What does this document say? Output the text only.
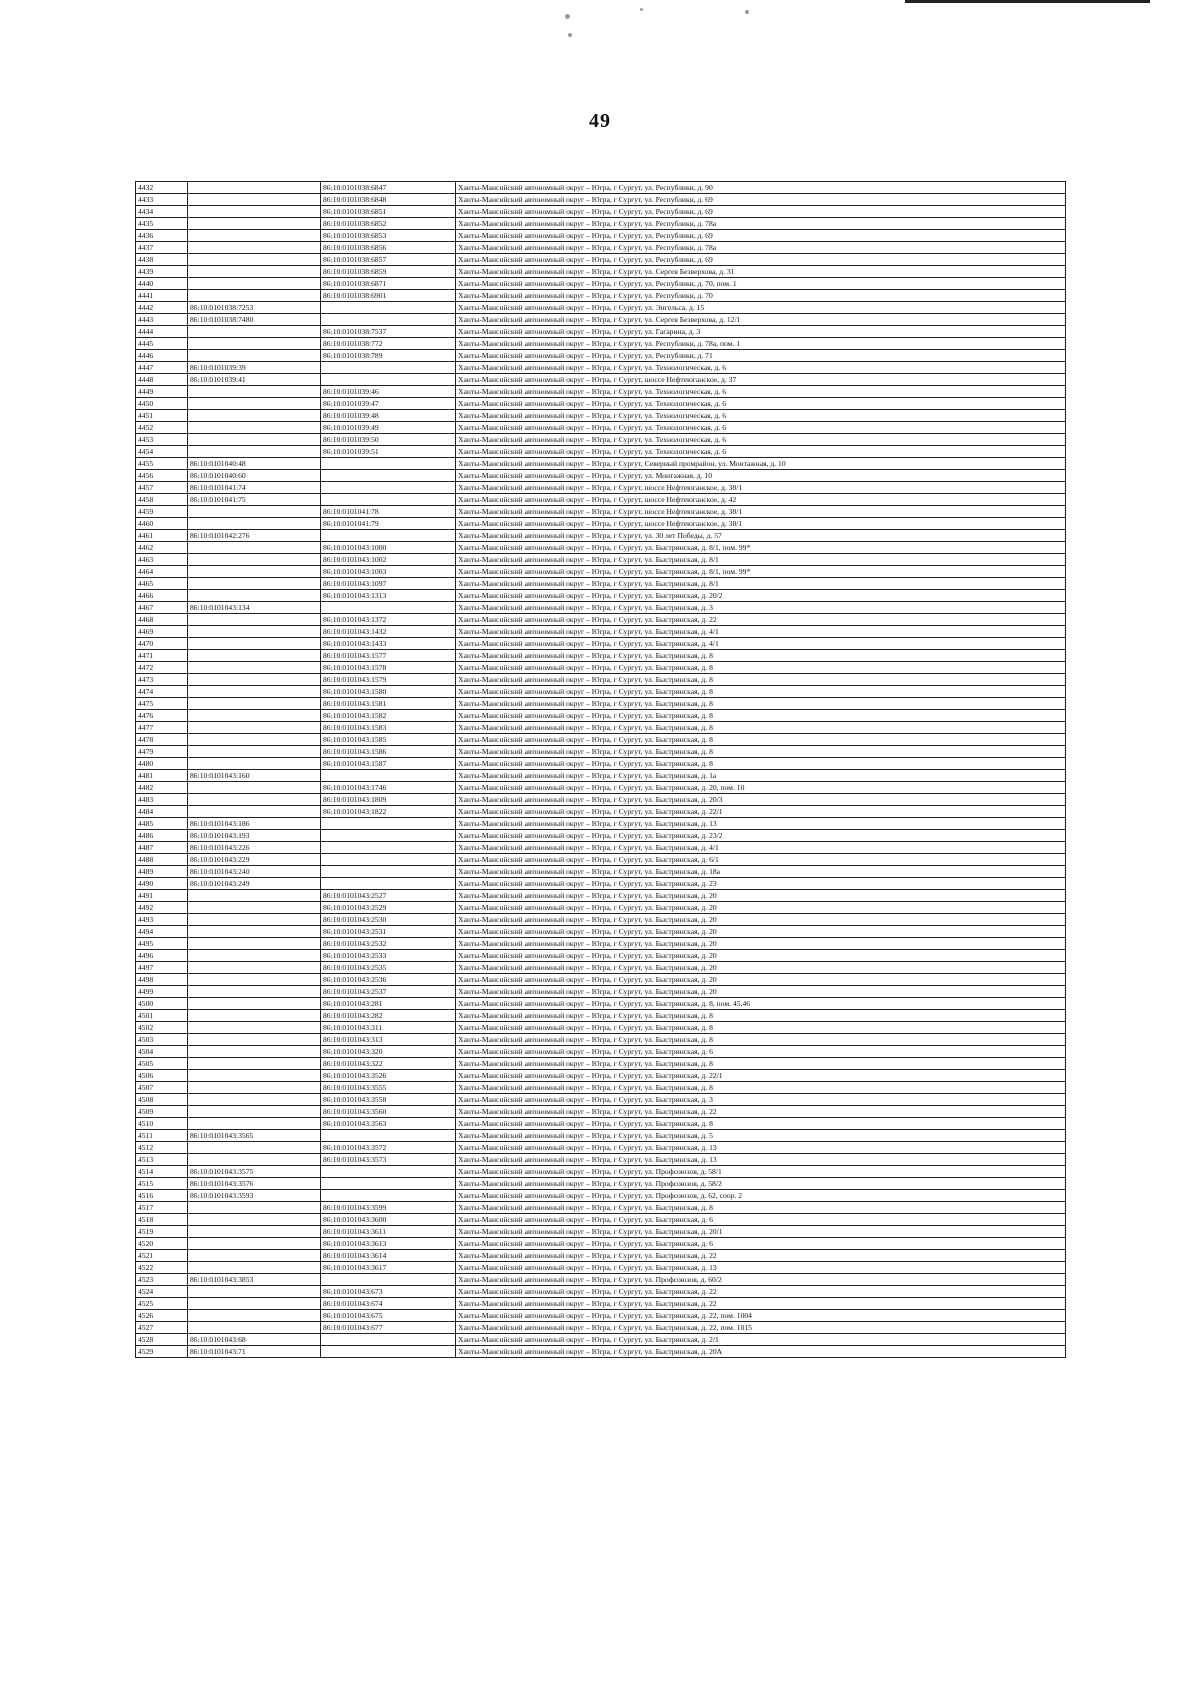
49
4432		86:10:0101038:6847	Ханты-Мансийский автономный округ – Югра, г Сургут, ул. Республики, д. 90
4433		86:10:0101038:6848	Ханты-Мансийский автономный округ – Югра, г Сургут, ул. Республики, д. 69
4434		86:10:0101038:6851	Ханты-Мансийский автономный округ – Югра, г Сургут, ул. Республики, д. 69
4435		86:10:0101038:6852	Ханты-Мансийский автономный округ – Югра, г Сургут, ул. Республики, д. 78а
4436		86:10:0101038:6853	Ханты-Мансийский автономный округ – Югра, г Сургут, ул. Республики, д. 69
4437		86:10:0101038:6856	Ханты-Мансийский автономный округ – Югра, г Сургут, ул. Республики, д. 78а
4438		86:10:0101038:6857	Ханты-Мансийский автономный округ – Югра, г Сургут, ул. Республики, д. 69
4439		86:10:0101038:6859	Ханты-Мансийский автономный округ – Югра, г Сургут, ул. Сергея Безверхова, д. 31
4440		86:10:0101038:6871	Ханты-Мансийский автономный округ – Югра, г Сургут, ул. Республики, д. 70, пом. 1
4441		86:10:0101038:6901	Ханты-Мансийский автономный округ – Югра, г Сургут, ул. Республики, д. 70
4442	86:10:0101038:7253		Ханты-Мансийский автономный округ – Югра, г Сургут, ул. Энгельса, д. 15
4443	86:10:0101038:7480		Ханты-Мансийский автономный округ – Югра, г Сургут, ул. Сергея Безверхова, д. 12/1
4444		86:10:0101038:7537	Ханты-Мансийский автономный округ – Югра, г Сургут, ул. Гагарина, д. 3
4445		86:10:0101038:772	Ханты-Мансийский автономный округ – Югра, г Сургут, ул. Республики, д. 78а, пом. 1
4446		86:10:0101038:789	Ханты-Мансийский автономный округ – Югра, г Сургут, ул. Республики, д. 71
4447	86:10:0101039:39		Ханты-Мансийский автономный округ – Югра, г Сургут, ул. Технологическая, д. 6
4448	86:10:0101039:41		Ханты-Мансийский автономный округ – Югра, г Сургут, шоссе Нефтеюганское, д. 37
4449		86:10:0101039:46	Ханты-Мансийский автономный округ – Югра, г Сургут, ул. Технологическая, д. 6
4450		86:10:0101039:47	Ханты-Мансийский автономный округ – Югра, г Сургут, ул. Технологическая, д. 6
4451		86:10:0101039:48	Ханты-Мансийский автономный округ – Югра, г Сургут, ул. Технологическая, д. 6
4452		86:10:0101039:49	Ханты-Мансийский автономный округ – Югра, г Сургут, ул. Технологическая, д. 6
4453		86:10:0101039:50	Ханты-Мансийский автономный округ – Югра, г Сургут, ул. Технологическая, д. 6
4454		86:10:0101039:51	Ханты-Мансийский автономный округ – Югра, г Сургут, ул. Технологическая, д. 6
4455	86:10:0101040:48		Ханты-Мансийский автономный округ – Югра, г Сургут, Северный промрайон, ул. Монтажная, д. 10
4456	86:10:0101040:60		Ханты-Мансийский автономный округ – Югра, г Сургут, ул. Монтажная, д. 10
4457	86:10:0101041:74		Ханты-Мансийский автономный округ – Югра, г Сургут, шоссе Нефтеюганское, д. 38/1
4458	86:10:0101041:75		Ханты-Мансийский автономный округ – Югра, г Сургут, шоссе Нефтеюганское, д. 42
4459		86:10:0101041:78	Ханты-Мансийский автономный округ – Югра, г Сургут, шоссе Нефтеюганское, д. 38/1
4460		86:10:0101041:79	Ханты-Мансийский автономный округ – Югра, г Сургут, шоссе Нефтеюганское, д. 38/1
4461	86:10:0101042:276		Ханты-Мансийский автономный округ – Югра, г Сургут, ул. 30 лет Победы, д. 57
4462		86:10:0101043:1000	Ханты-Мансийский автономный округ – Югра, г Сургут, ул. Быстринская, д. 8/1, пом. 99*
4463		86:10:0101043:1002	Ханты-Мансийский автономный округ – Югра, г Сургут, ул. Быстринская, д. 8/1
4464		86:10:0101043:1003	Ханты-Мансийский автономный округ – Югра, г Сургут, ул. Быстринская, д. 8/1, пом. 99*
4465		86:10:0101043:1097	Ханты-Мансийский автономный округ – Югра, г Сургут, ул. Быстринская, д. 8/1
4466		86:10:0101043:1313	Ханты-Мансийский автономный округ – Югра, г Сургут, ул. Быстринская, д. 20/2
4467	86:10:0101043:134		Ханты-Мансийский автономный округ – Югра, г Сургут, ул. Быстринская, д. 3
4468		86:10:0101043:1372	Ханты-Мансийский автономный округ – Югра, г Сургут, ул. Быстринская, д. 22
4469		86:10:0101043:1432	Ханты-Мансийский автономный округ – Югра, г Сургут, ул. Быстринская, д. 4/1
4470		86:10:0101043:1433	Ханты-Мансийский автономный округ – Югра, г Сургут, ул. Быстринская, д. 4/1
4471		86:10:0101043:1577	Ханты-Мансийский автономный округ – Югра, г Сургут, ул. Быстринская, д. 8
4472		86:10:0101043:1578	Ханты-Мансийский автономный округ – Югра, г Сургут, ул. Быстринская, д. 8
4473		86:10:0101043:1579	Ханты-Мансийский автономный округ – Югра, г Сургут, ул. Быстринская, д. 8
4474		86:10:0101043:1580	Ханты-Мансийский автономный округ – Югра, г Сургут, ул. Быстринская, д. 8
4475		86:10:0101043:1581	Ханты-Мансийский автономный округ – Югра, г Сургут, ул. Быстринская, д. 8
4476		86:10:0101043:1582	Ханты-Мансийский автономный округ – Югра, г Сургут, ул. Быстринская, д. 8
4477		86:10:0101043:1583	Ханты-Мансийский автономный округ – Югра, г Сургут, ул. Быстринская, д. 8
4478		86:10:0101043:1585	Ханты-Мансийский автономный округ – Югра, г Сургут, ул. Быстринская, д. 8
4479		86:10:0101043:1586	Ханты-Мансийский автономный округ – Югра, г Сургут, ул. Быстринская, д. 8
4480		86:10:0101043:1587	Ханты-Мансийский автономный округ – Югра, г Сургут, ул. Быстринская, д. 8
4481	86:10:0101043:160		Ханты-Мансийский автономный округ – Югра, г Сургут, ул. Быстринская, д. 1а
4482		86:10:0101043:1746	Ханты-Мансийский автономный округ – Югра, г Сургут, ул. Быстринская, д. 20, пом. 10
4483		86:10:0101043:1809	Ханты-Мансийский автономный округ – Югра, г Сургут, ул. Быстринская, д. 20/3
4484		86:10:0101043:1822	Ханты-Мансийский автономный округ – Югра, г Сургут, ул. Быстринская, д. 22/1
4485	86:10:0101043:186		Ханты-Мансийский автономный округ – Югра, г Сургут, ул. Быстринская, д. 13
4486	86:10:0101043:193		Ханты-Мансийский автономный округ – Югра, г Сургут, ул. Быстринская, д. 23/2
4487	86:10:0101043:226		Ханты-Мансийский автономный округ – Югра, г Сургут, ул. Быстринская, д. 4/1
4488	86:10:0101043:229		Ханты-Мансийский автономный округ – Югра, г Сургут, ул. Быстринская, д. 6/1
4489	86:10:0101043:240		Ханты-Мансийский автономный округ – Югра, г Сургут, ул. Быстринская, д. 18а
4490	86:10:0101043:249		Ханты-Мансийский автономный округ – Югра, г Сургут, ул. Быстринская, д. 23
4491		86:10:0101043:2527	Ханты-Мансийский автономный округ – Югра, г Сургут, ул. Быстринская, д. 20
4492		86:10:0101043:2529	Ханты-Мансийский автономный округ – Югра, г Сургут, ул. Быстринская, д. 20
4493		86:10:0101043:2530	Ханты-Мансийский автономный округ – Югра, г Сургут, ул. Быстринская, д. 20
4494		86:10:0101043:2531	Ханты-Мансийский автономный округ – Югра, г Сургут, ул. Быстринская, д. 20
4495		86:10:0101043:2532	Ханты-Мансийский автономный округ – Югра, г Сургут, ул. Быстринская, д. 20
4496		86:10:0101043:2533	Ханты-Мансийский автономный округ – Югра, г Сургут, ул. Быстринская, д. 20
4497		86:10:0101043:2535	Ханты-Мансийский автономный округ – Югра, г Сургут, ул. Быстринская, д. 20
4498		86:10:0101043:2536	Ханты-Мансийский автономный округ – Югра, г Сургут, ул. Быстринская, д. 20
4499		86:10:0101043:2537	Ханты-Мансийский автономный округ – Югра, г Сургут, ул. Быстринская, д. 20
4500		86:10:0101043:281	Ханты-Мансийский автономный округ – Югра, г Сургут, ул. Быстринская, д. 8, пом. 45,46
4501		86:10:0101043:282	Ханты-Мансийский автономный округ – Югра, г Сургут, ул. Быстринская, д. 8
4502		86:10:0101043:311	Ханты-Мансийский автономный округ – Югра, г Сургут, ул. Быстринская, д. 8
4503		86:10:0101043:313	Ханты-Мансийский автономный округ – Югра, г Сургут, ул. Быстринская, д. 8
4504		86:10:0101043:320	Ханты-Мансийский автономный округ – Югра, г Сургут, ул. Быстринская, д. 6
4505		86:10:0101043:322	Ханты-Мансийский автономный округ – Югра, г Сургут, ул. Быстринская, д. 8
4506		86:10:0101043:3526	Ханты-Мансийский автономный округ – Югра, г Сургут, ул. Быстринская, д. 22/1
4507		86:10:0101043:3555	Ханты-Мансийский автономный округ – Югра, г Сургут, ул. Быстринская, д. 8
4508		86:10:0101043:3558	Ханты-Мансийский автономный округ – Югра, г Сургут, ул. Быстринская, д. 3
4509		86:10:0101043:3560	Ханты-Мансийский автономный округ – Югра, г Сургут, ул. Быстринская, д. 22
4510		86:10:0101043:3563	Ханты-Мансийский автономный округ – Югра, г Сургут, ул. Быстринская, д. 8
4511	86:10:0101043:3565		Ханты-Мансийский автономный округ – Югра, г Сургут, ул. Быстринская, д. 5
4512		86:10:0101043:3572	Ханты-Мансийский автономный округ – Югра, г Сургут, ул. Быстринская, д. 13
4513		86:10:0101043:3573	Ханты-Мансийский автономный округ – Югра, г Сургут, ул. Быстринская, д. 13
4514	86:10:0101043:3575		Ханты-Мансийский автономный округ – Югра, г Сургут, ул. Профсоюзов, д. 58/1
4515	86:10:0101043:3576		Ханты-Мансийский автономный округ – Югра, г Сургут, ул. Профсоюзов, д. 58/2
4516	86:10:0101043:3593		Ханты-Мансийский автономный округ – Югра, г Сургут, ул. Профсоюзов, д. 62, соор. 2
4517		86:10:0101043:3599	Ханты-Мансийский автономный округ – Югра, г Сургут, ул. Быстринская, д. 8
4518		86:10:0101043:3600	Ханты-Мансийский автономный округ – Югра, г Сургут, ул. Быстринская, д. 6
4519		86:10:0101043:3611	Ханты-Мансийский автономный округ – Югра, г Сургут, ул. Быстринская, д. 20/1
4520		86:10:0101043:3613	Ханты-Мансийский автономный округ – Югра, г Сургут, ул. Быстринская, д. 6
4521		86:10:0101043:3614	Ханты-Мансийский автономный округ – Югра, г Сургут, ул. Быстринская, д. 22
4522		86:10:0101043:3617	Ханты-Мансийский автономный округ – Югра, г Сургут, ул. Быстринская, д. 13
4523	86:10:0101043:3853		Ханты-Мансийский автономный округ – Югра, г Сургут, ул. Профсоюзов, д. 60/2
4524		86:10:0101043:673	Ханты-Мансийский автономный округ – Югра, г Сургут, ул. Быстринская, д. 22
4525		86:10:0101043:674	Ханты-Мансийский автономный округ – Югра, г Сургут, ул. Быстринская, д. 22
4526		86:10:0101043:675	Ханты-Мансийский автономный округ – Югра, г Сургут, ул. Быстринская, д. 22, пом. 1004
4527		86:10:0101043:677	Ханты-Мансийский автономный округ – Югра, г Сургут, ул. Быстринская, д. 22, пом. 1015
4528	86:10:0101043:68		Ханты-Мансийский автономный округ – Югра, г Сургут, ул. Быстринская, д. 2/1
4529	86:10:0101043:71		Ханты-Мансийский автономный округ – Югра, г Сургут, ул. Быстринская, д. 20А
